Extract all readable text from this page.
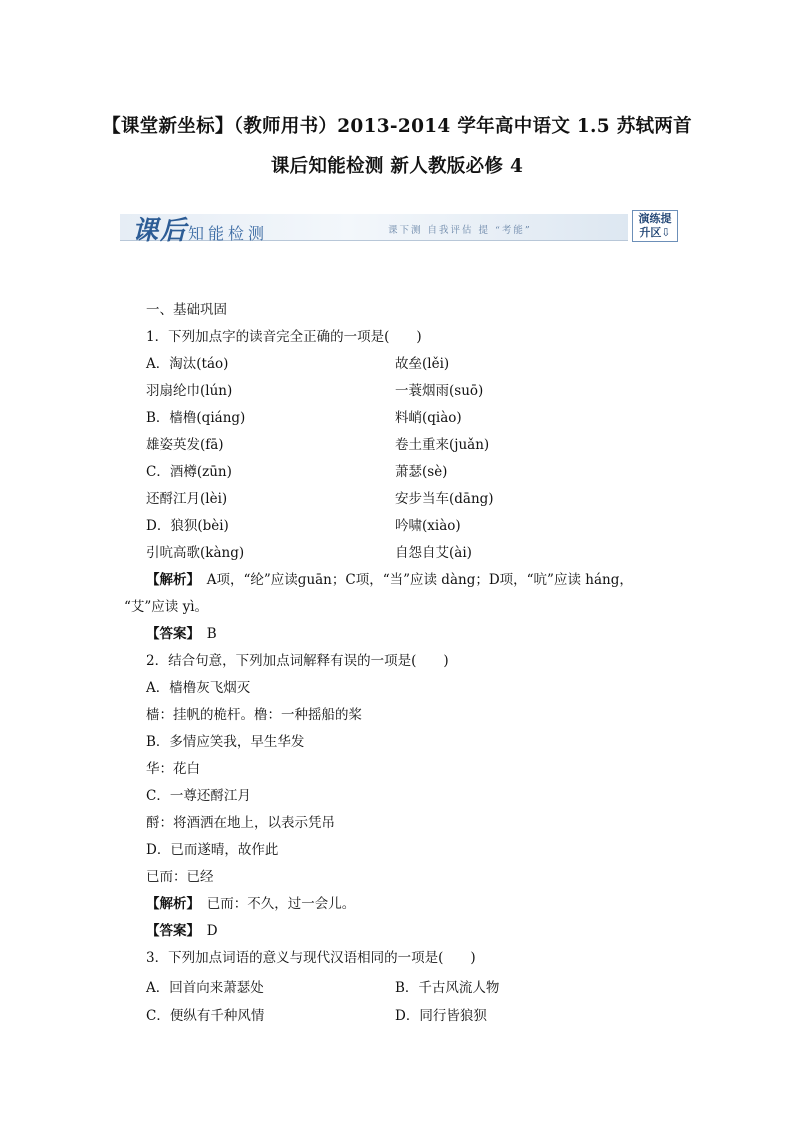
【课堂新坐标】（教师用书）2013-2014 学年高中语文 1.5 苏轼两首
课后知能检测 新人教版必修 4
课后知能检测	课下测 自我评估 提 “考能”
演练提
升区⇩
一、基础巩固
1．下列加点字的读音完全正确的一项是(　　)
A．淘汰(táo)	故垒(lěi)
羽扇纶巾(lún)	一蓑烟雨(suō)
B．樯橹(qiáng)	料峭(qiào)
雄姿英发(fā)	卷土重来(juǎn)
C．酒樽(zūn)	萧瑟(sè)
还酹江月(lèi)	安步当车(dāng)
D．狼狈(bèi)	吟啸(xiào)
引吭高歌(kàng)	自怨自艾(ài)
【解析】　A项，“纶”应读ɡuān；C项，“当”应读 dàng；D项，“吭”应读 háng，
“艾”应读 yì。
【答案】　B
2．结合句意，下列加点词解释有误的一项是(　　)
A．樯橹灰飞烟灭
樯：挂帆的桅杆。橹：一种摇船的桨
B．多情应笑我，早生华发
华：花白
C．一尊还酹江月
酹：将酒洒在地上，以表示凭吊
D．已而遂晴，故作此
已而：已经
【解析】　已而：不久，过一会儿。
【答案】　D
3．下列加点词语的意义与现代汉语相同的一项是(　　)
A．回首向来萧瑟处	B．千古风流人物
C．便纵有千种风情	D．同行皆狼狈
